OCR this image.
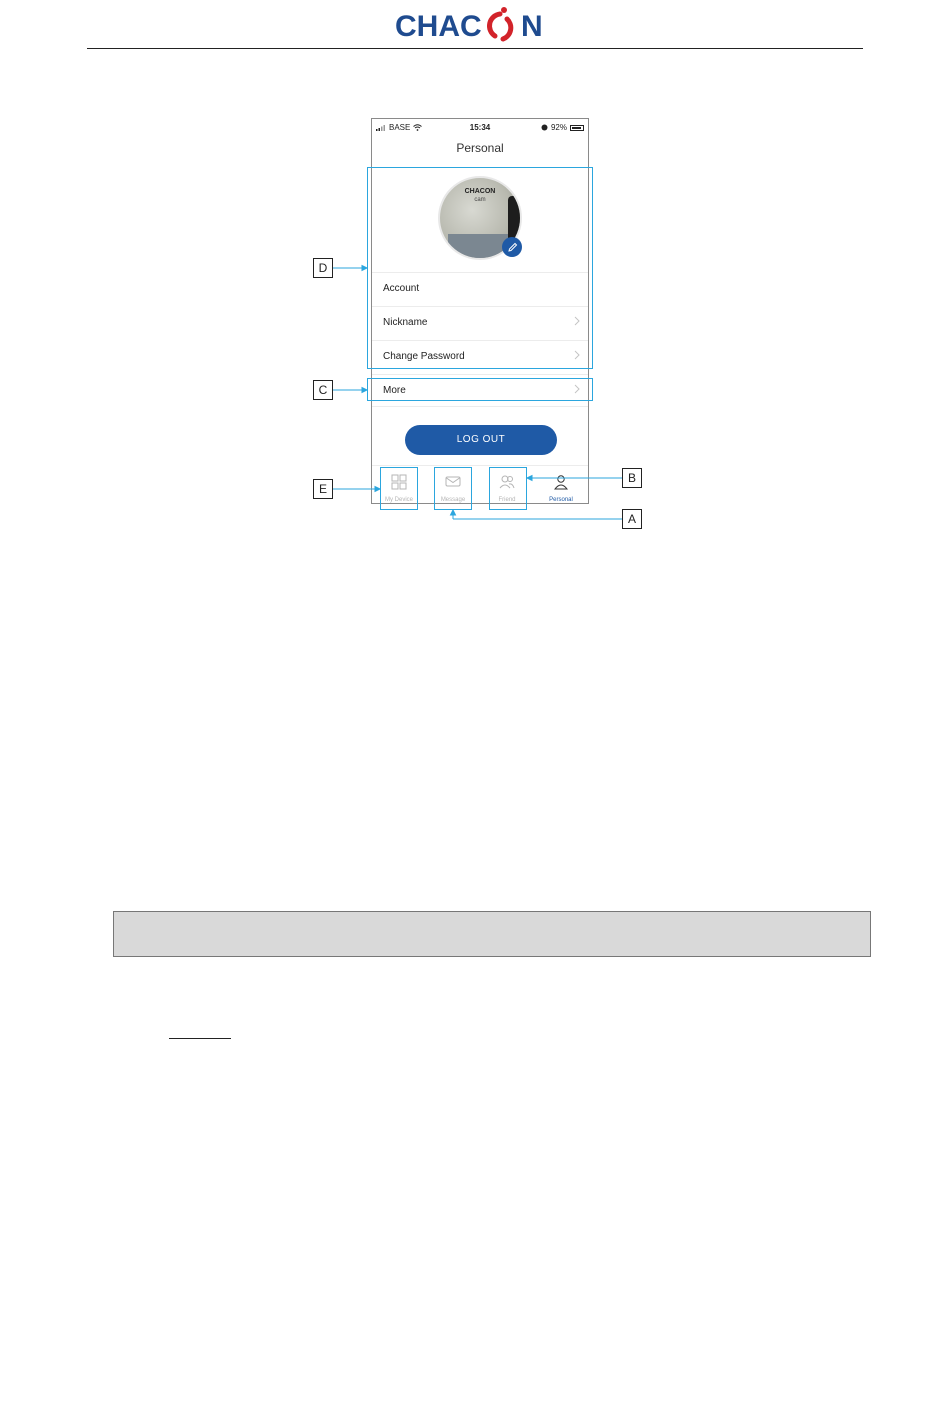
CHAC N
BASE	15:34	92%
Personal
CHACON
cam
Account
Nickname
Change Password
More
LOG OUT
My Device	Message	Friend	Personal
D
C
E
B
A
